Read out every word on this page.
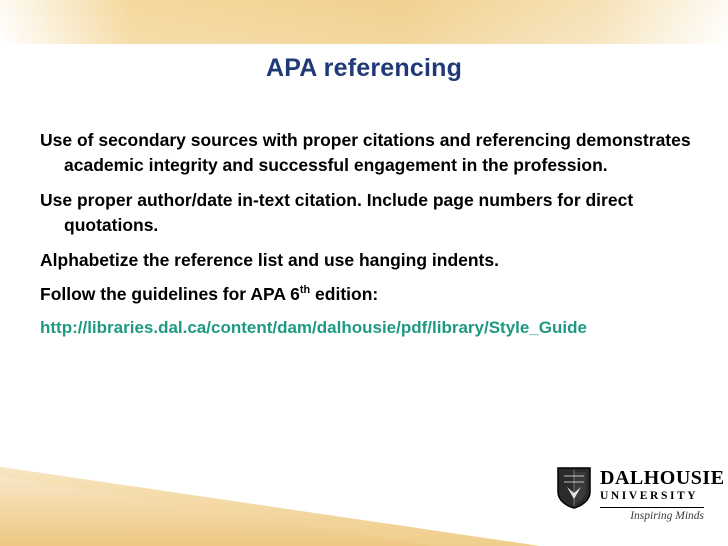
APA referencing
Use of secondary sources with proper citations and referencing demonstrates academic integrity and successful engagement in the profession.
Use proper author/date in-text citation. Include page numbers for direct quotations.
Alphabetize the reference list and use hanging indents.
Follow the guidelines for APA 6th edition:
http://libraries.dal.ca/content/dam/dalhousie/pdf/library/Style_Guide
DALHOUSIE
UNIVERSITY
Inspiring Minds
